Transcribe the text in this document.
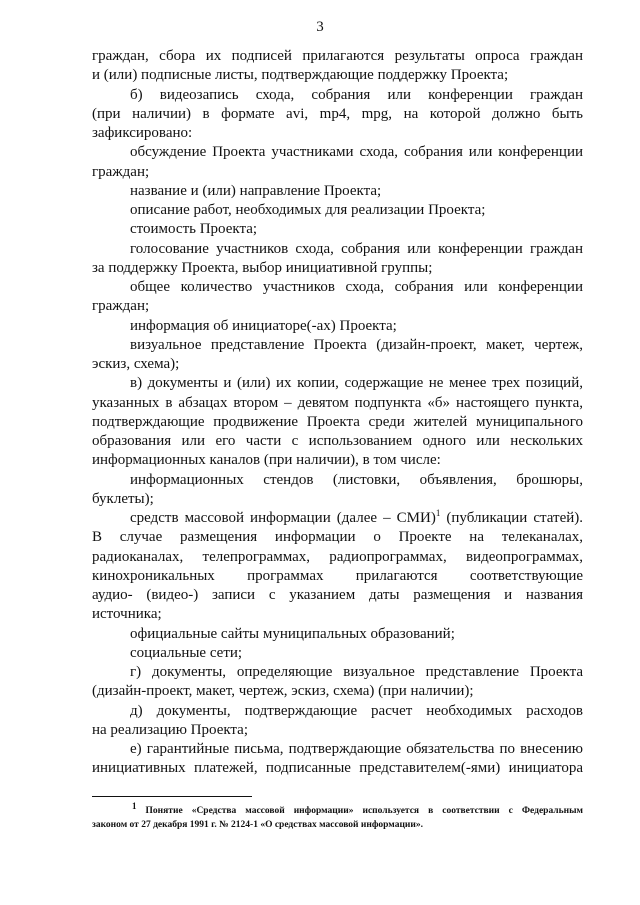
3
граждан, сбора их подписей прилагаются результаты опроса граждан
и (или) подписные листы, подтверждающие поддержку Проекта;
б) видеозапись схода, собрания или конференции граждан
(при наличии) в формате avi, mp4, mpg, на которой должно быть
зафиксировано:
обсуждение Проекта участниками схода, собрания или конференции
граждан;
название и (или) направление Проекта;
описание работ, необходимых для реализации Проекта;
стоимость Проекта;
голосование участников схода, собрания или конференции граждан
за поддержку Проекта, выбор инициативной группы;
общее количество участников схода, собрания или конференции
граждан;
информация об инициаторе(-ах) Проекта;
визуальное представление Проекта (дизайн-проект, макет, чертеж,
эскиз, схема);
в) документы и (или) их копии, содержащие не менее трех позиций,
указанных в абзацах втором – девятом подпункта «б» настоящего пункта,
подтверждающие продвижение Проекта среди жителей муниципального
образования или его части с использованием одного или нескольких
информационных каналов (при наличии), в том числе:
информационных стендов (листовки, объявления, брошюры,
буклеты);
средств массовой информации (далее – СМИ)$^1$ (публикации статей).
В случае размещения информации о Проекте на телеканалах,
радиоканалах, телепрограммах, радиопрограммах, видеопрограммах,
кинохроникальных программах прилагаются соответствующие
аудио- (видео-) записи с указанием даты размещения и названия
источника;
официальные сайты муниципальных образований;
социальные сети;
г) документы, определяющие визуальное представление Проекта
(дизайн-проект, макет, чертеж, эскиз, схема) (при наличии);
д) документы, подтверждающие расчет необходимых расходов
на реализацию Проекта;
е) гарантийные письма, подтверждающие обязательства по внесению
инициативных платежей, подписанные представителем(-ями) инициатора
$^1$ Понятие «Средства массовой информации» используется в соответствии с Федеральным
законом от 27 декабря 1991 г. № 2124-1 «О средствах массовой информации».
